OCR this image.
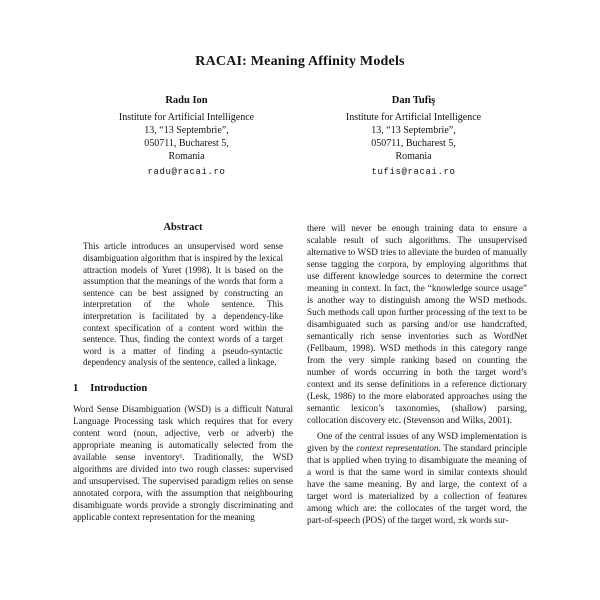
RACAI: Meaning Affinity Models
Radu Ion
Institute for Artificial Intelligence
13, “13 Septembrie”,
050711, Bucharest 5,
Romania
radu@racai.ro
Dan Tufiş
Institute for Artificial Intelligence
13, “13 Septembrie”,
050711, Bucharest 5,
Romania
tufis@racai.ro
Abstract

This article introduces an unsupervised word sense disambiguation algorithm that is inspired by the lexical attraction models of Yuret (1998). It is based on the assumption that the meanings of the words that form a sentence can be best assigned by constructing an interpretation of the whole sentence. This interpretation is facilitated by a dependency-like context specification of a content word within the sentence. Thus, finding the context words of a target word is a matter of finding a pseudo-syntactic dependency analysis of the sentence, called a linkage.

1 Introduction

Word Sense Disambiguation (WSD) is a difficult Natural Language Processing task which requires that for every content word (noun, adjective, verb or adverb) the appropriate meaning is automatically selected from the available sense inventory¹. Traditionally, the WSD algorithms are divided into two rough classes: supervised and unsupervised. The supervised paradigm relies on sense annotated corpora, with the assumption that neighbouring disambiguate words provide a strongly discriminating and applicable context representation for the meaning

there will never be enough training data to ensure a scalable result of such algorithms. The unsupervised alternative to WSD tries to alleviate the burden of manually sense tagging the corpora, by employing algorithms that use different knowledge sources to determine the correct meaning in context. In fact, the “knowledge source usage” is another way to distinguish among the WSD methods. Such methods call upon further processing of the text to be disambiguated such as parsing and/or use handcrafted, semantically rich sense inventories such as WordNet (Fellbaum, 1998). WSD methods in this category range from the very simple ranking based on counting the number of words occurring in both the target word’s context and its sense definitions in a reference dictionary (Lesk, 1986) to the more elaborated approaches using the semantic lexicon’s taxonomies, (shallow) parsing, collocation discovery etc. (Stevenson and Wilks, 2001).

One of the central issues of any WSD implementation is given by the context representation. The standard principle that is applied when trying to disambiguate the meaning of a word is that the same word in similar contexts should have the same meaning. By and large, the context of a target word is materialized by a collection of features among which are: the collocates of the target word, the part-of-speech (POS) of the target word, ±k words sur-
